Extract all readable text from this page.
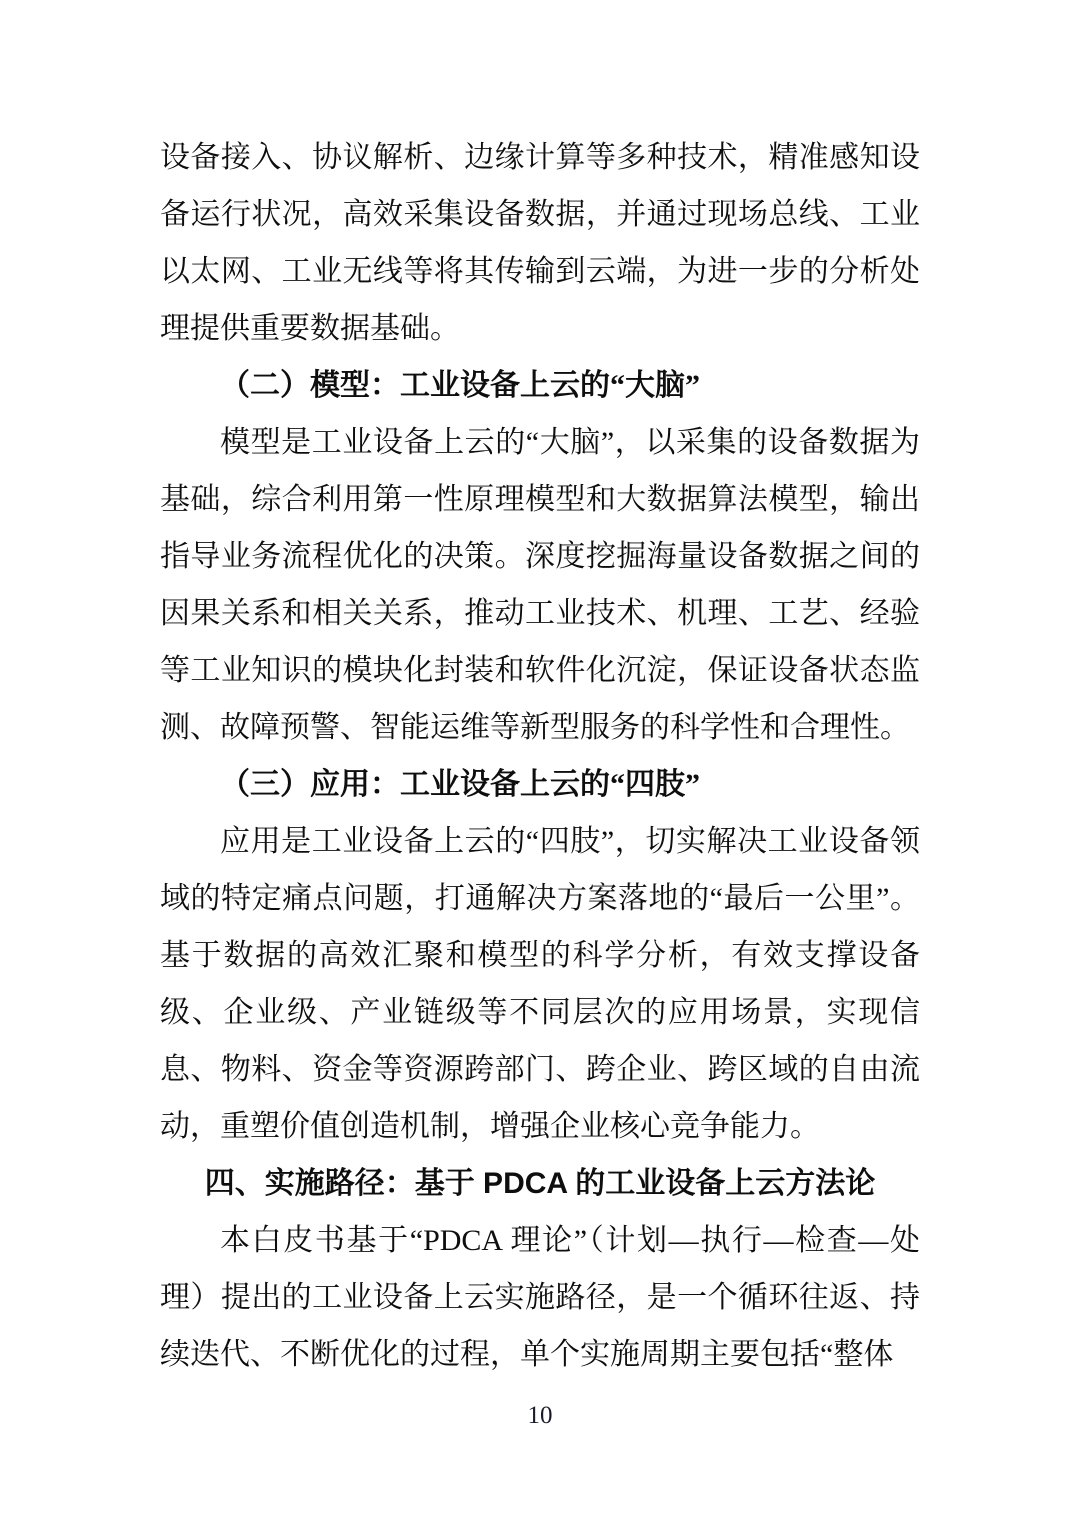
设备接入、协议解析、边缘计算等多种技术，精准感知设备运行状况，高效采集设备数据，并通过现场总线、工业以太网、工业无线等将其传输到云端，为进一步的分析处理提供重要数据基础。

（二）模型：工业设备上云的“大脑”

模型是工业设备上云的“大脑”，以采集的设备数据为基础，综合利用第一性原理模型和大数据算法模型，输出指导业务流程优化的决策。深度挖掘海量设备数据之间的因果关系和相关关系，推动工业技术、机理、工艺、经验等工业知识的模块化封装和软件化沉淀，保证设备状态监测、故障预警、智能运维等新型服务的科学性和合理性。

（三）应用：工业设备上云的“四肢”

应用是工业设备上云的“四肢”，切实解决工业设备领域的特定痛点问题，打通解决方案落地的“最后一公里”。基于数据的高效汇聚和模型的科学分析，有效支撑设备级、企业级、产业链级等不同层次的应用场景，实现信息、物料、资金等资源跨部门、跨企业、跨区域的自由流动，重塑价值创造机制，增强企业核心竞争能力。

四、实施路径：基于 PDCA 的工业设备上云方法论

本白皮书基于“PDCA 理论”（计划—执行—检查—处理）提出的工业设备上云实施路径，是一个循环往返、持续迭代、不断优化的过程，单个实施周期主要包括“整体

10
